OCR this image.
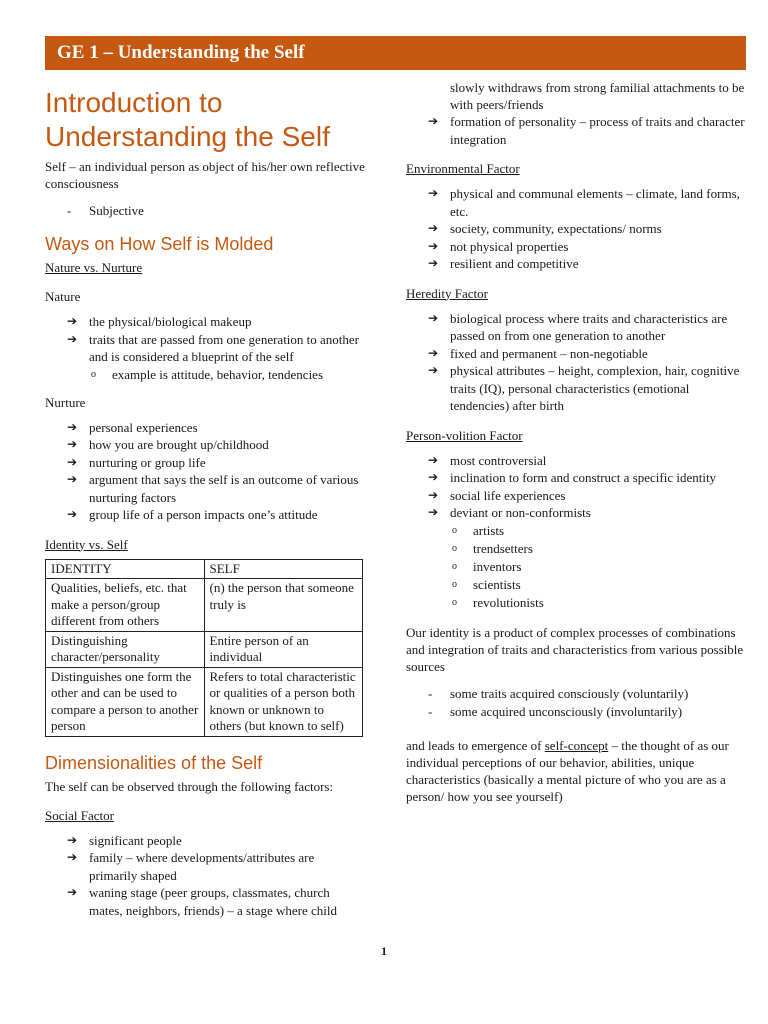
GE 1 – Understanding the Self
Introduction to
Understanding the Self

Self – an individual person as object of his/her own reflective consciousness

- Subjective
Ways on How Self is Molded

Nature vs. Nurture

Nature

➔ the physical/biological makeup
➔ traits that are passed from one generation to another and is considered a blueprint of the self
o example is attitude, behavior, tendencies

Nurture

➔ personal experiences
➔ how you are brought up/childhood
➔ nurturing or group life
➔ argument that says the self is an outcome of various nurturing factors
➔ group life of a person impacts one’s attitude

Identity vs. Self

IDENTITY	SELF
Qualities, beliefs, etc. that make a person/group different from others	(n) the person that someone truly is
Distinguishing character/personality	Entire person of an individual
Distinguishes one form the other and can be used to compare a person to another person	Refers to total characteristic or qualities of a person both known or unknown to others (but known to self)
Dimensionalities of the Self

The self can be observed through the following factors:

Social Factor

➔ significant people
➔ family – where developments/attributes are primarily shaped
➔ waning stage (peer groups, classmates, church mates, neighbors, friends) – a stage where child

slowly withdraws from strong familial attachments to be with peers/friends

➔ formation of personality – process of traits and character integration

Environmental Factor

➔ physical and communal elements – climate, land forms, etc.
➔ society, community, expectations/ norms
➔ not physical properties
➔ resilient and competitive

Heredity Factor

➔ biological process where traits and characteristics are passed on from one generation to another
➔ fixed and permanent – non-negotiable
➔ physical attributes – height, complexion, hair, cognitive traits (IQ), personal characteristics (emotional tendencies) after birth

Person-volition Factor

➔ most controversial
➔ inclination to form and construct a specific identity
➔ social life experiences
➔ deviant or non-conformists
o artists
o trendsetters
o inventors
o scientists
o revolutionists

Our identity is a product of complex processes of combinations and integration of traits and characteristics from various possible sources

- some traits acquired consciously (voluntarily)
- some acquired unconsciously (involuntarily)

and leads to emergence of self-concept – the thought of as our individual perceptions of our behavior, abilities, unique characteristics (basically a mental picture of who you are as a person/ how you see yourself)

1
